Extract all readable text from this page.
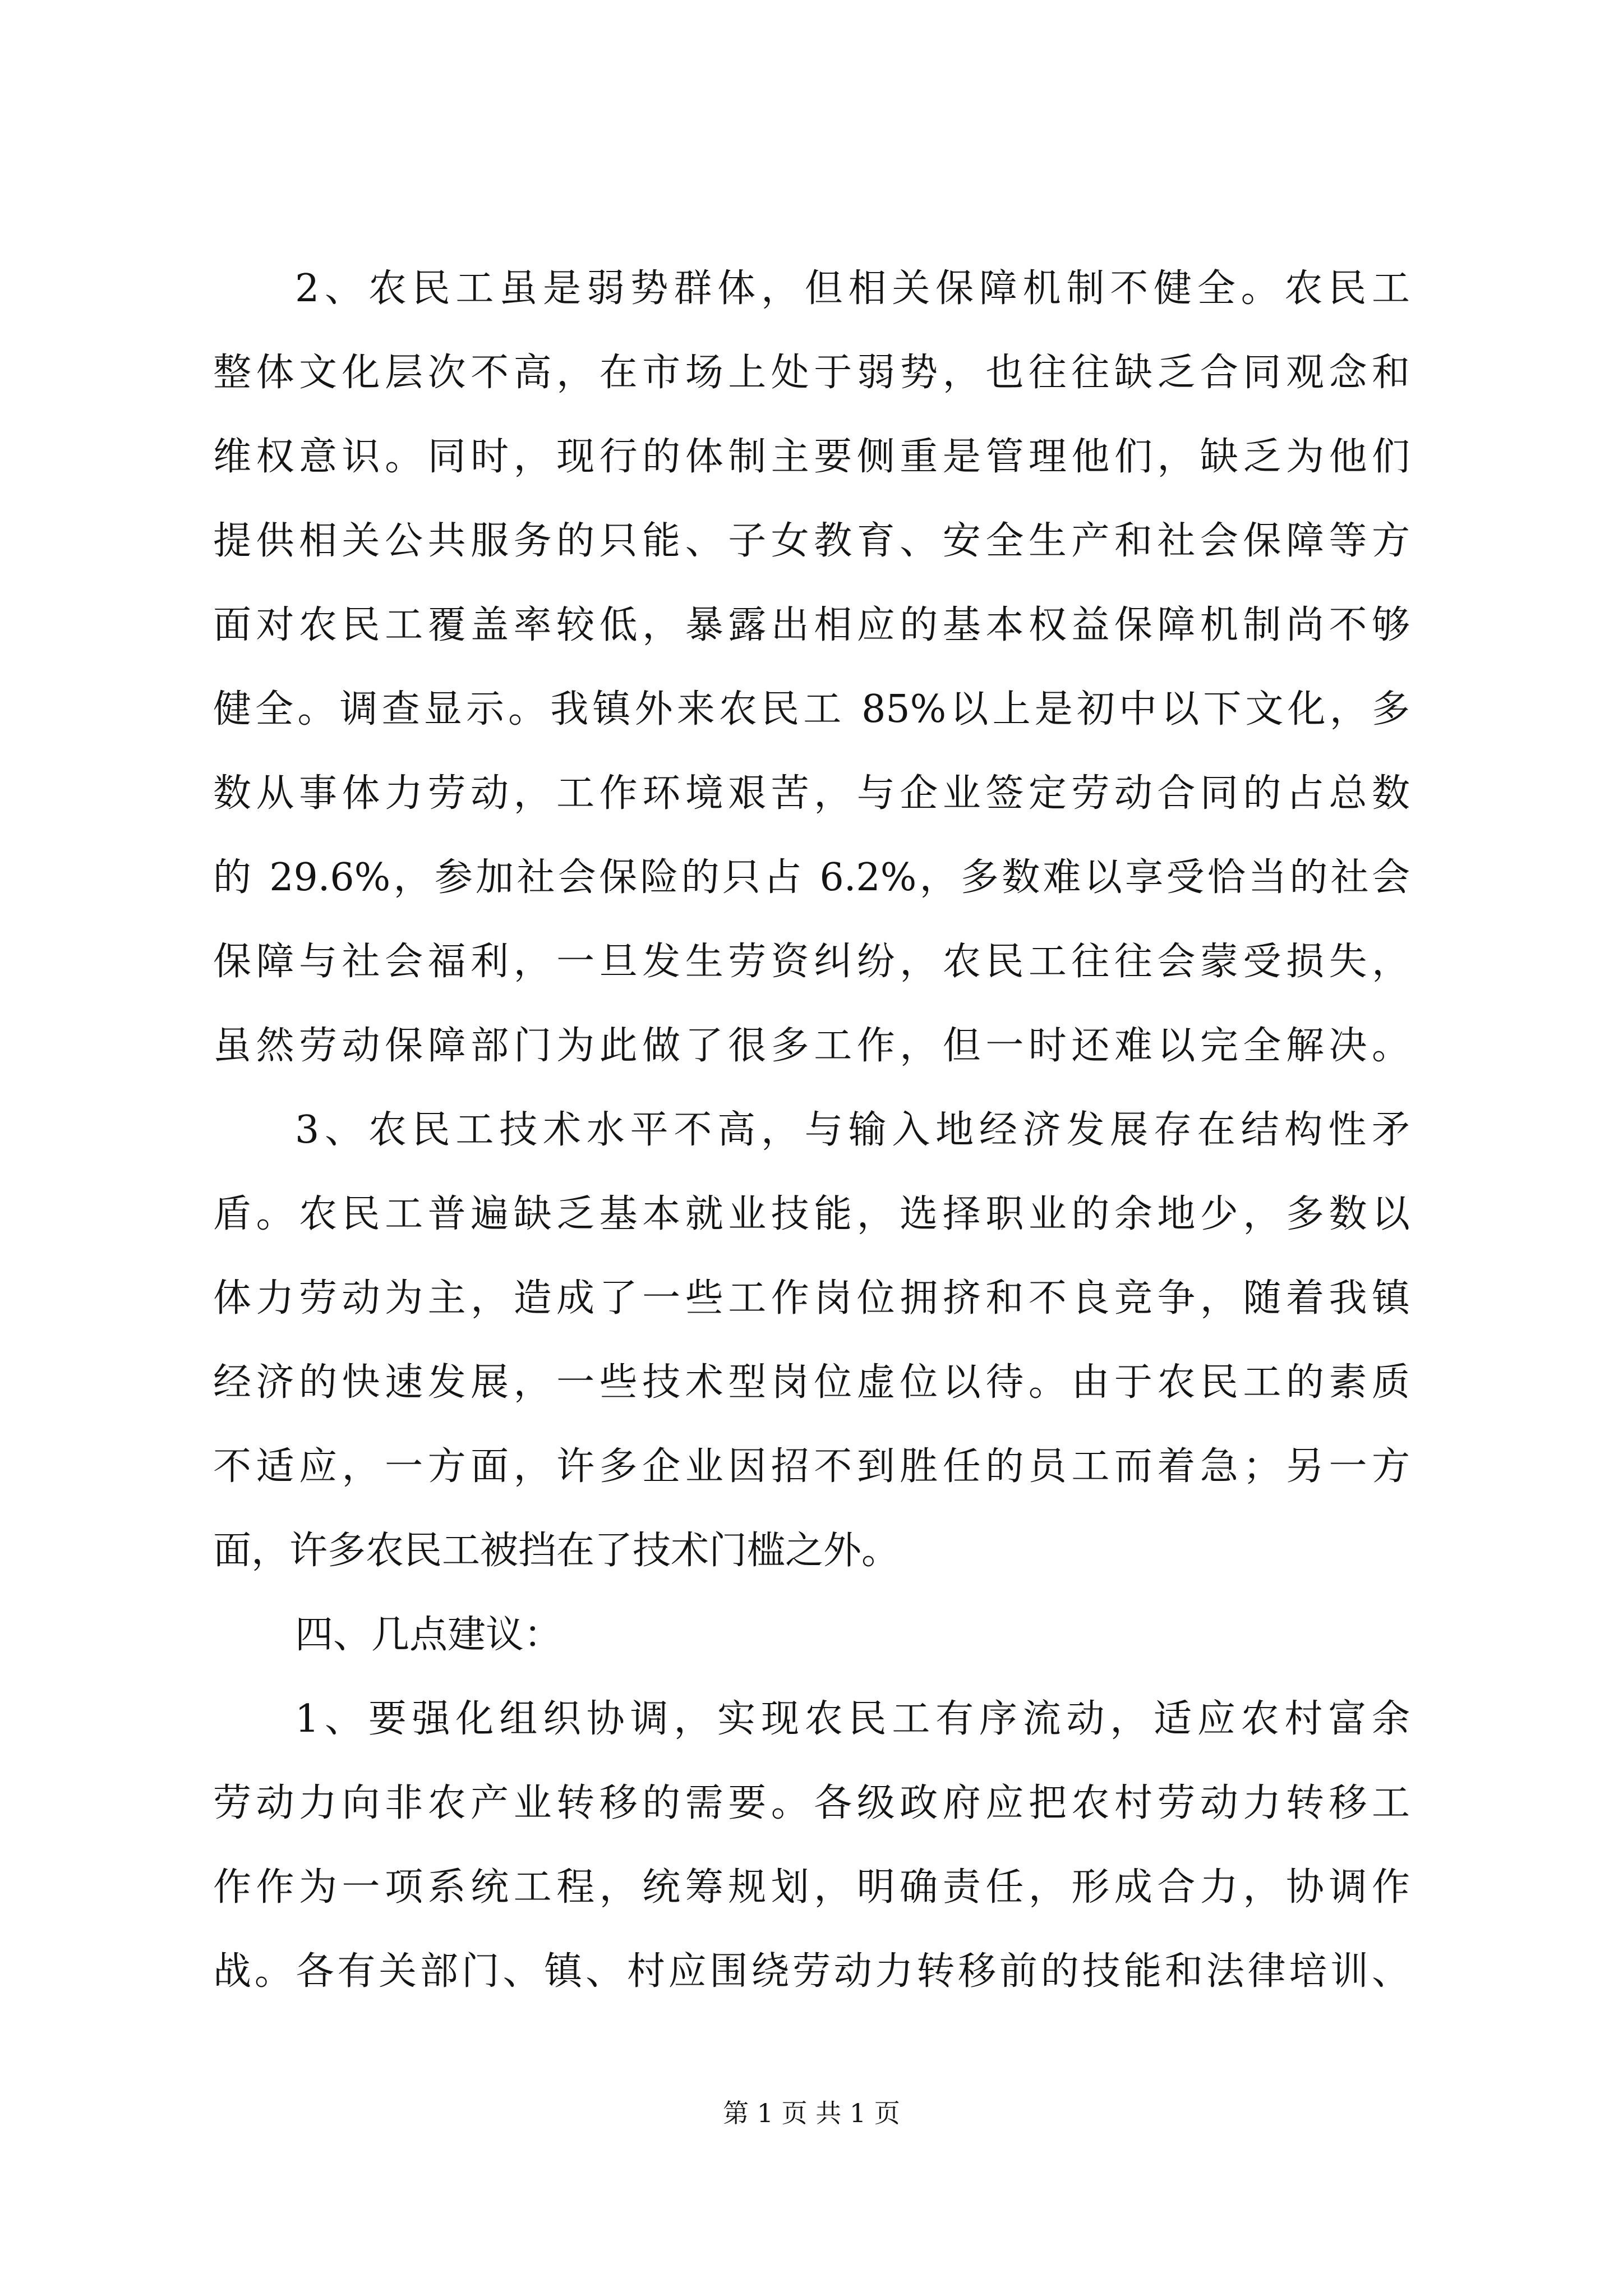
2、农民工虽是弱势群体，但相关保障机制不健全。农民工
整体文化层次不高，在市场上处于弱势，也往往缺乏合同观念和
维权意识。同时，现行的体制主要侧重是管理他们，缺乏为他们
提供相关公共服务的只能、子女教育、安全生产和社会保障等方
面对农民工覆盖率较低，暴露出相应的基本权益保障机制尚不够
健全。调查显示。我镇外来农民工 85%以上是初中以下文化，多
数从事体力劳动，工作环境艰苦，与企业签定劳动合同的占总数
的 29.6%，参加社会保险的只占 6.2%，多数难以享受恰当的社会
保障与社会福利，一旦发生劳资纠纷，农民工往往会蒙受损失，
虽然劳动保障部门为此做了很多工作，但一时还难以完全解决。
3、农民工技术水平不高，与输入地经济发展存在结构性矛
盾。农民工普遍缺乏基本就业技能，选择职业的余地少，多数以
体力劳动为主，造成了一些工作岗位拥挤和不良竞争，随着我镇
经济的快速发展，一些技术型岗位虚位以待。由于农民工的素质
不适应，一方面，许多企业因招不到胜任的员工而着急；另一方
面，许多农民工被挡在了技术门槛之外。
四、几点建议：
1、要强化组织协调，实现农民工有序流动，适应农村富余
劳动力向非农产业转移的需要。各级政府应把农村劳动力转移工
作作为一项系统工程，统筹规划，明确责任，形成合力，协调作
战。各有关部门、镇、村应围绕劳动力转移前的技能和法律培训、
第 1 页 共 1 页
